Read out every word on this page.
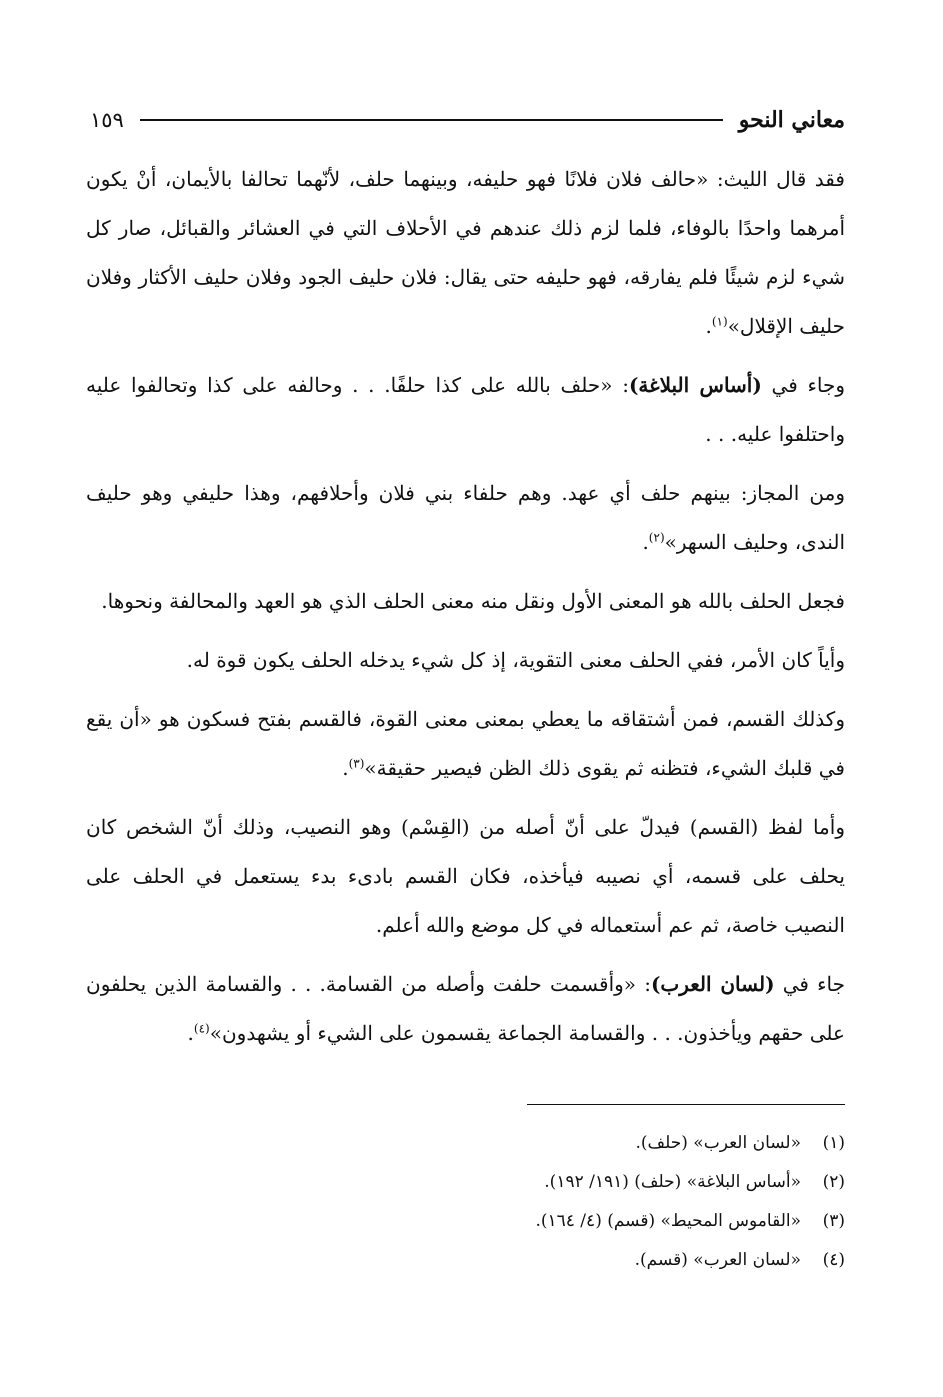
معاني النحو
١٥٩

فقد قال الليث: «حالف فلان فلانًا فهو حليفه، وبينهما حلف، لأنّهما تحالفا بالأيمان، أنْ يكون أمرهما واحدًا بالوفاء، فلما لزم ذلك عندهم في الأحلاف التي في العشائر والقبائل، صار كل شيء لزم شيئًا فلم يفارقه، فهو حليفه حتى يقال: فلان حليف الجود وفلان حليف الأكثار وفلان حليف الإقلال»$^{(١)}$.

وجاء في (أساس البلاغة): «حلف بالله على كذا حلفًا. . . وحالفه على كذا وتحالفوا عليه واحتلفوا عليه. . .

ومن المجاز: بينهم حلف أي عهد. وهم حلفاء بني فلان وأحلافهم، وهذا حليفي وهو حليف الندى، وحليف السهر»$^{(٢)}$.

فجعل الحلف بالله هو المعنى الأول ونقل منه معنى الحلف الذي هو العهد والمحالفة ونحوها.

وأياً كان الأمر، ففي الحلف معنى التقوية، إذ كل شيء يدخله الحلف يكون قوة له.

وكذلك القسم، فمن أشتقاقه ما يعطي بمعنى معنى القوة، فالقسم بفتح فسكون هو «أن يقع في قلبك الشيء، فتظنه ثم يقوى ذلك الظن فيصير حقيقة»$^{(٣)}$.

وأما لفظ (القسم) فيدلّ على أنّ أصله من (القِسْم) وهو النصيب، وذلك أنّ الشخص كان يحلف على قسمه، أي نصيبه فيأخذه، فكان القسم بادىء بدء يستعمل في الحلف على النصيب خاصة، ثم عم أستعماله في كل موضع والله أعلم.

جاء في (لسان العرب): «وأقسمت حلفت وأصله من القسامة. . . والقسامة الذين يحلفون على حقهم ويأخذون. . . والقسامة الجماعة يقسمون على الشيء أو يشهدون»$^{(٤)}$.

(١)
«لسان العرب» (حلف).
(٢)
«أساس البلاغة» (حلف) (١٩١/ ١٩٢).
(٣)
«القاموس المحيط» (قسم) (٤/ ١٦٤).
(٤)
«لسان العرب» (قسم).
